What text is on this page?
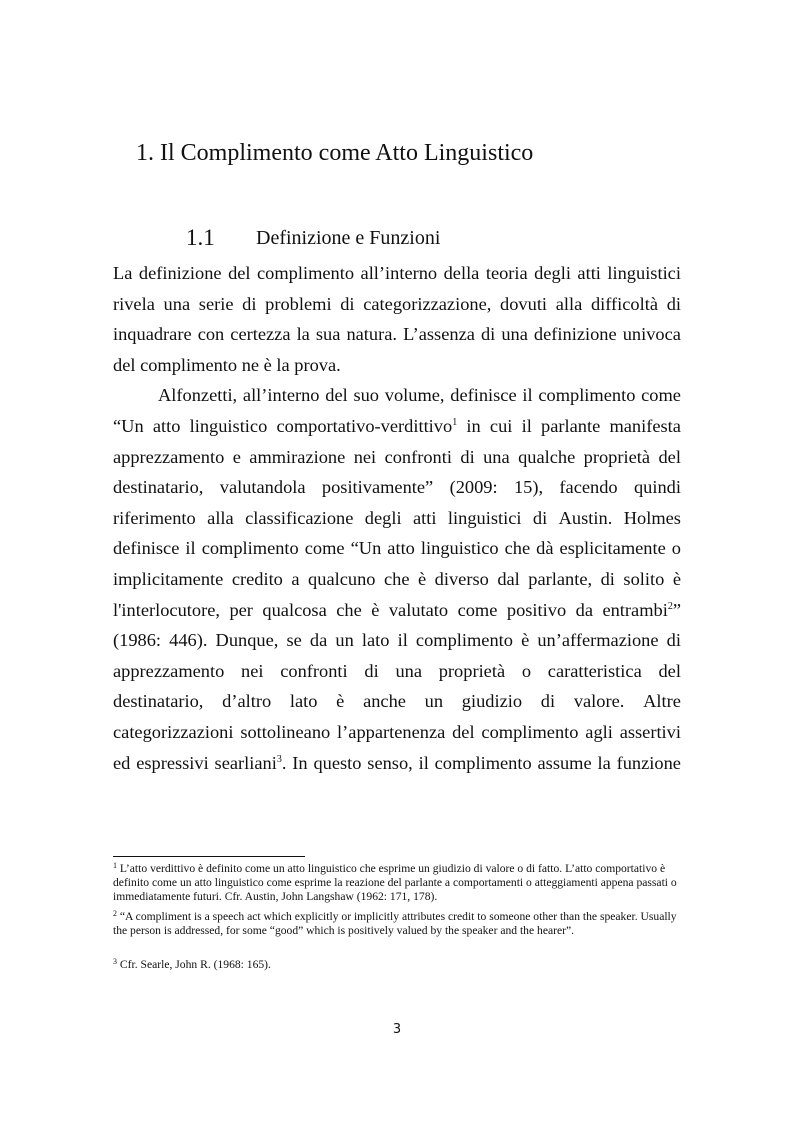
1. Il Complimento come Atto Linguistico
1.1 Definizione e Funzioni
La definizione del complimento all’interno della teoria degli atti linguistici
rivela una serie di problemi di categorizzazione, dovuti alla difficoltà di
inquadrare con certezza la sua natura. L’assenza di una definizione univoca
del complimento ne è la prova.
Alfonzetti, all’interno del suo volume, definisce il complimento come
“Un atto linguistico comportativo-verdittivo$^1$ in cui il parlante manifesta
apprezzamento e ammirazione nei confronti di una qualche proprietà del
destinatario, valutandola positivamente” (2009: 15), facendo quindi
riferimento alla classificazione degli atti linguistici di Austin. Holmes
definisce il complimento come “Un atto linguistico che dà esplicitamente o
implicitamente credito a qualcuno che è diverso dal parlante, di solito è
l'interlocutore, per qualcosa che è valutato come positivo da entrambi$^2$”
(1986: 446). Dunque, se da un lato il complimento è un’affermazione di
apprezzamento nei confronti di una proprietà o caratteristica del
destinatario, d’altro lato è anche un giudizio di valore. Altre
categorizzazioni sottolineano l’appartenenza del complimento agli assertivi
ed espressivi searliani$^3$. In questo senso, il complimento assume la funzione
$^1$ L’atto verdittivo è definito come un atto linguistico che esprime un giudizio di valore o di fatto. L’atto comportativo è definito come un atto linguistico come esprime la reazione del parlante a comportamenti o atteggiamenti appena passati o immediatamente futuri. Cfr. Austin, John Langshaw (1962: 171, 178).
$^2$ “A compliment is a speech act which explicitly or implicitly attributes credit to someone other than the speaker. Usually the person is addressed, for some “good” which is positively valued by the speaker and the hearer”.
$^3$ Cfr. Searle, John R. (1968: 165).
3
